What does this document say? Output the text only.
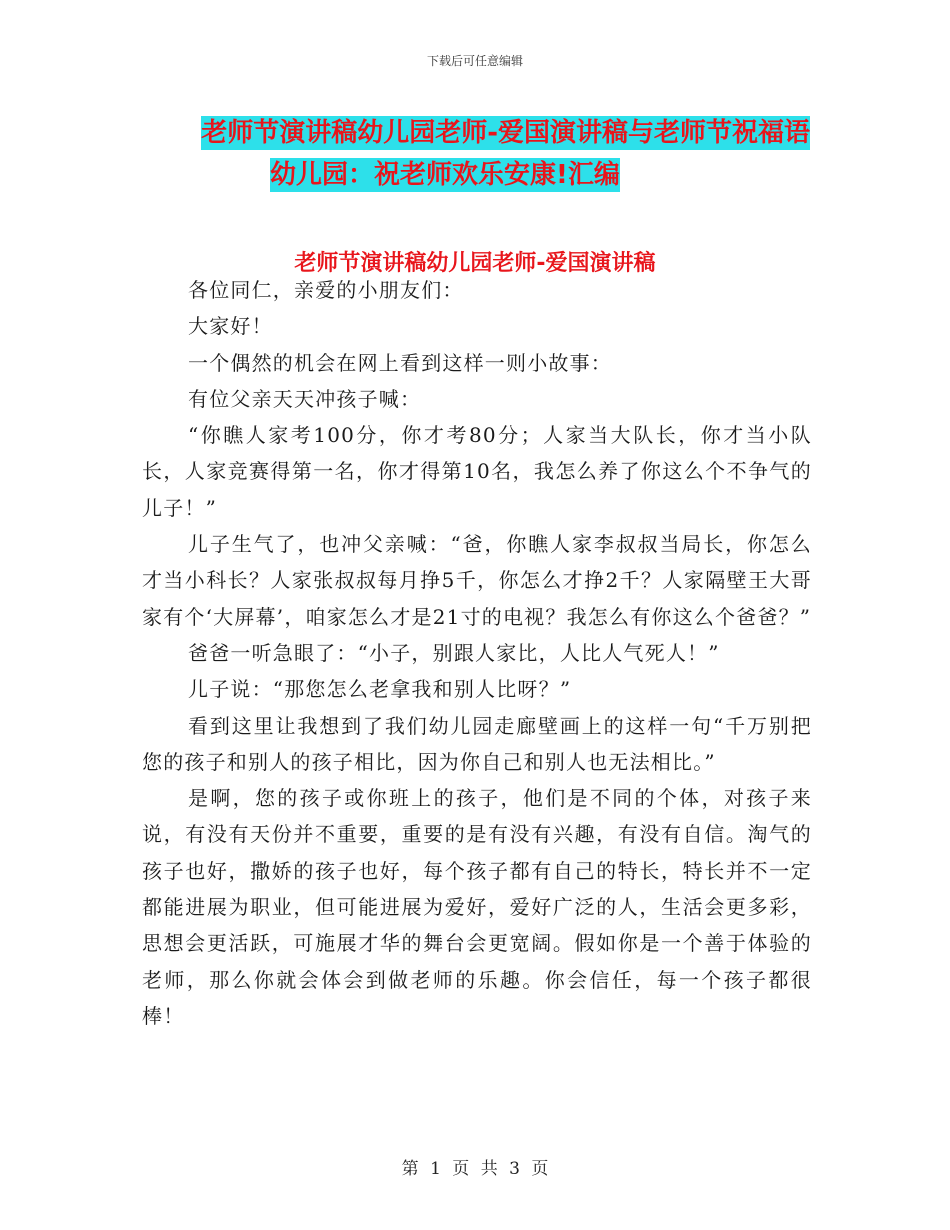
下载后可任意编辑
老师节演讲稿幼儿园老师-爱国演讲稿与老师节祝福语
幼儿园：祝老师欢乐安康!汇编
老师节演讲稿幼儿园老师-爱国演讲稿

各位同仁，亲爱的小朋友们：

大家好！

一个偶然的机会在网上看到这样一则小故事：

有位父亲天天冲孩子喊：

“你瞧人家考100分，你才考80分；人家当大队长，你才当小队长，人家竞赛得第一名，你才得第10名，我怎么养了你这么个不争气的儿子！”

儿子生气了，也冲父亲喊：“爸，你瞧人家李叔叔当局长，你怎么才当小科长？人家张叔叔每月挣5千，你怎么才挣2千？人家隔壁王大哥家有个‘大屏幕’，咱家怎么才是21寸的电视？我怎么有你这么个爸爸？”

爸爸一听急眼了：“小子，别跟人家比，人比人气死人！”

儿子说：“那您怎么老拿我和别人比呀？”

看到这里让我想到了我们幼儿园走廊壁画上的这样一句“千万别把您的孩子和别人的孩子相比，因为你自己和别人也无法相比。”

是啊，您的孩子或你班上的孩子，他们是不同的个体，对孩子来说，有没有天份并不重要，重要的是有没有兴趣，有没有自信。淘气的孩子也好，撒娇的孩子也好，每个孩子都有自己的特长，特长并不一定都能进展为职业，但可能进展为爱好，爱好广泛的人，生活会更多彩，思想会更活跃，可施展才华的舞台会更宽阔。假如你是一个善于体验的老师，那么你就会体会到做老师的乐趣。你会信任，每一个孩子都很棒！

第 1 页 共 3 页
